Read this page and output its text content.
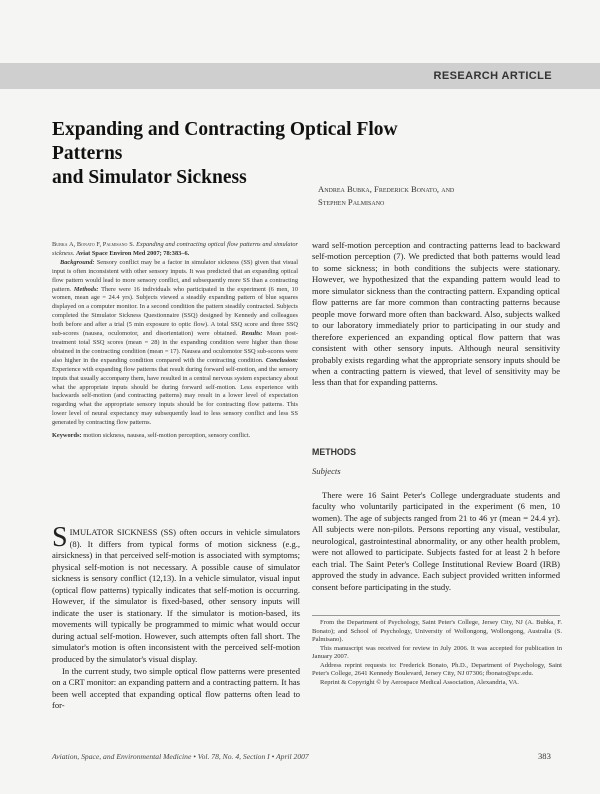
RESEARCH ARTICLE
Expanding and Contracting Optical Flow Patterns
and Simulator Sickness
Andrea Bubka, Frederick Bonato, and
Stephen Palmisano

Bubka A, Bonato F, Palmisano S. Expanding and contracting optical flow patterns and simulator sickness. Aviat Space Environ Med 2007; 78:383–6.

Background: Sensory conflict may be a factor in simulator sickness (SS) given that visual input is often inconsistent with other sensory inputs. It was predicted that an expanding optical flow pattern would lead to more sensory conflict, and subsequently more SS than a contracting pattern. Methods: There were 16 individuals who participated in the experiment (6 men, 10 women, mean age = 24.4 yrs). Subjects viewed a steadily expanding pattern of blue squares displayed on a computer monitor. In a second condition the pattern steadily contracted. Subjects completed the Simulator Sickness Questionnaire (SSQ) designed by Kennedy and colleagues both before and after a trial (5 min exposure to optic flow). A total SSQ score and three SSQ sub-scores (nausea, oculomotor, and disorientation) were obtained. Results: Mean post-treatment total SSQ scores (mean = 28) in the expanding condition were higher than those obtained in the contracting condition (mean = 17). Nausea and oculomotor SSQ sub-scores were also higher in the expanding condition compared with the contracting condition. Conclusion: Experience with expanding flow patterns that result during forward self-motion, and the sensory inputs that usually accompany them, have resulted in a central nervous system expectancy about what the appropriate inputs should be during forward self-motion. Less experience with backwards self-motion (and contracting patterns) may result in a lower level of expectation regarding what the appropriate sensory inputs should be for contracting flow patterns. This lower level of neural expectancy may subsequently lead to less sensory conflict and less SS generated by contracting flow patterns.

Keywords: motion sickness, nausea, self-motion perception, sensory conflict.

SIMULATOR SICKNESS (SS) often occurs in vehicle simulators (8). It differs from typical forms of motion sickness (e.g., airsickness) in that perceived self-motion is associated with symptoms; physical self-motion is not necessary. A possible cause of simulator sickness is sensory conflict (12,13). In a vehicle simulator, visual input (optical flow patterns) typically indicates that self-motion is occurring. However, if the simulator is fixed-based, other sensory inputs will indicate the user is stationary. If the simulator is motion-based, its movements will typically be programmed to mimic what would occur during actual self-motion. However, such attempts often fall short. The simulator's motion is often inconsistent with the perceived self-motion produced by the simulator's visual display.

In the current study, two simple optical flow patterns were presented on a CRT monitor: an expanding pattern and a contracting pattern. It has been well accepted that expanding optical flow patterns often lead to for-

ward self-motion perception and contracting patterns lead to backward self-motion perception (7). We predicted that both patterns would lead to some sickness; in both conditions the subjects were stationary. However, we hypothesized that the expanding pattern would lead to more simulator sickness than the contracting pattern. Expanding optical flow patterns are far more common than contracting patterns because people move forward more often than backward. Also, subjects walked to our laboratory immediately prior to participating in our study and therefore experienced an expanding optical flow pattern that was consistent with other sensory inputs. Although neural sensitivity probably exists regarding what the appropriate sensory inputs should be when a contracting pattern is viewed, that level of sensitivity may be less than that for expanding patterns.

METHODS
Subjects

There were 16 Saint Peter's College undergraduate students and faculty who voluntarily participated in the experiment (6 men, 10 women). The age of subjects ranged from 21 to 46 yr (mean = 24.4 yr). All subjects were non-pilots. Persons reporting any visual, vestibular, neurological, gastrointestinal abnormality, or any other health problem, were not allowed to participate. Subjects fasted for at least 2 h before each trial. The Saint Peter's College Institutional Review Board (IRB) approved the study in advance. Each subject provided written informed consent before participating in the study.

From the Department of Psychology, Saint Peter's College, Jersey City, NJ (A. Bubka, F. Bonato); and School of Psychology, University of Wollongong, Wollongong, Australia (S. Palmisano).

This manuscript was received for review in July 2006. It was accepted for publication in January 2007.

Address reprint requests to: Frederick Bonato, Ph.D., Department of Psychology, Saint Peter's College, 2641 Kennedy Boulevard, Jersey City, NJ 07306; fbonato@spc.edu.

Reprint & Copyright © by Aerospace Medical Association, Alexandria, VA.

Aviation, Space, and Environmental Medicine • Vol. 78, No. 4, Section I • April 2007	383
